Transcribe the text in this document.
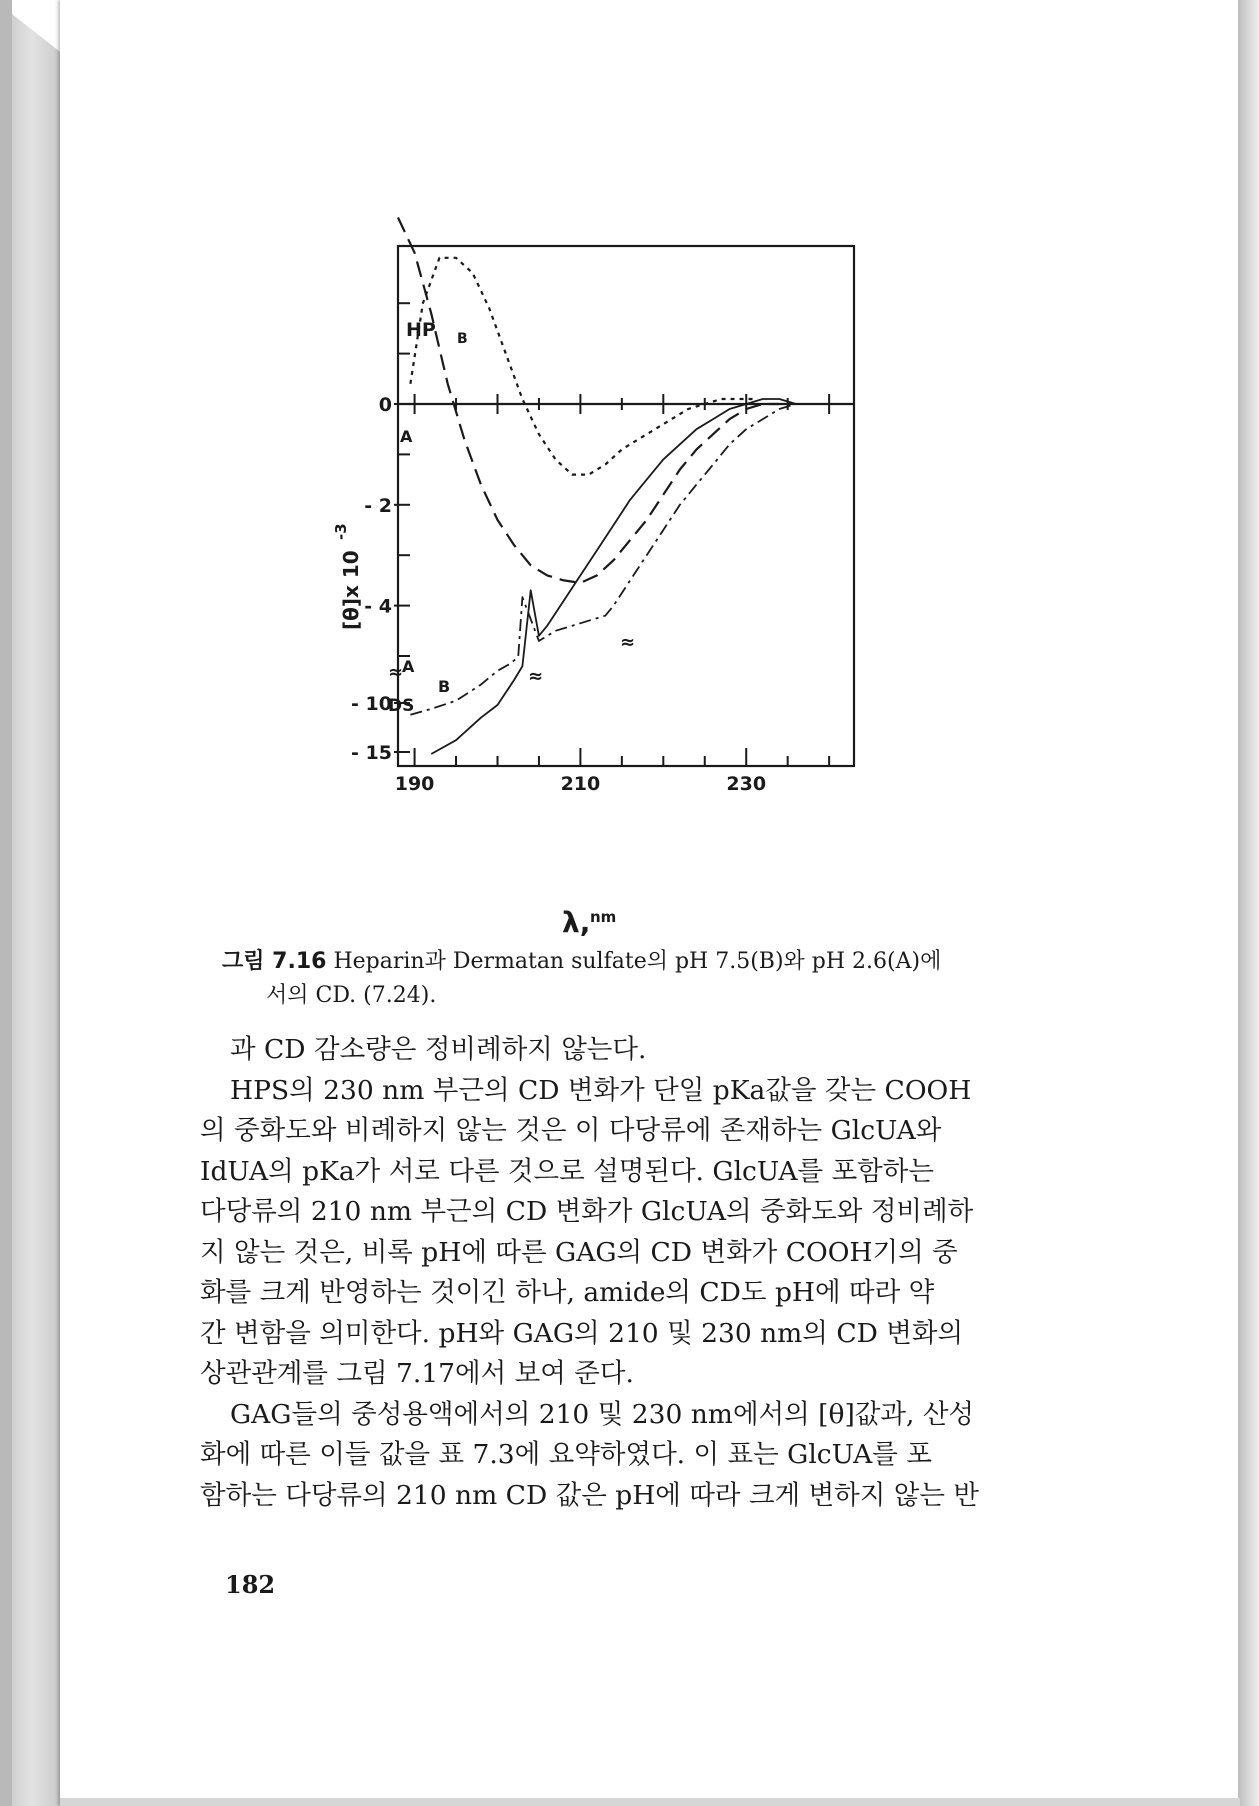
0
- 2
- 4
- 10
- 15
≈	≈
≈
190	210	230
HP B
A
A
B
DS
[θ]x 10
-3
λ, nm
그림 7.16 Heparin과 Dermatan sulfate의 pH 7.5(B)와 pH 2.6(A)에
서의 CD. (7.24).
과 CD 감소량은 정비례하지 않는다.
HPS의 230 nm 부근의 CD 변화가 단일 pKa값을 갖는 COOH
의 중화도와 비례하지 않는 것은 이 다당류에 존재하는 GlcUA와
IdUA의 pKa가 서로 다른 것으로 설명된다. GlcUA를 포함하는
다당류의 210 nm 부근의 CD 변화가 GlcUA의 중화도와 정비례하
지 않는 것은, 비록 pH에 따른 GAG의 CD 변화가 COOH기의 중
화를 크게 반영하는 것이긴 하나, amide의 CD도 pH에 따라 약
간 변함을 의미한다. pH와 GAG의 210 및 230 nm의 CD 변화의
상관관계를 그림 7.17에서 보여 준다.
GAG들의 중성용액에서의 210 및 230 nm에서의 [θ]값과, 산성
화에 따른 이들 값을 표 7.3에 요약하였다. 이 표는 GlcUA를 포
함하는 다당류의 210 nm CD 값은 pH에 따라 크게 변하지 않는 반
182
